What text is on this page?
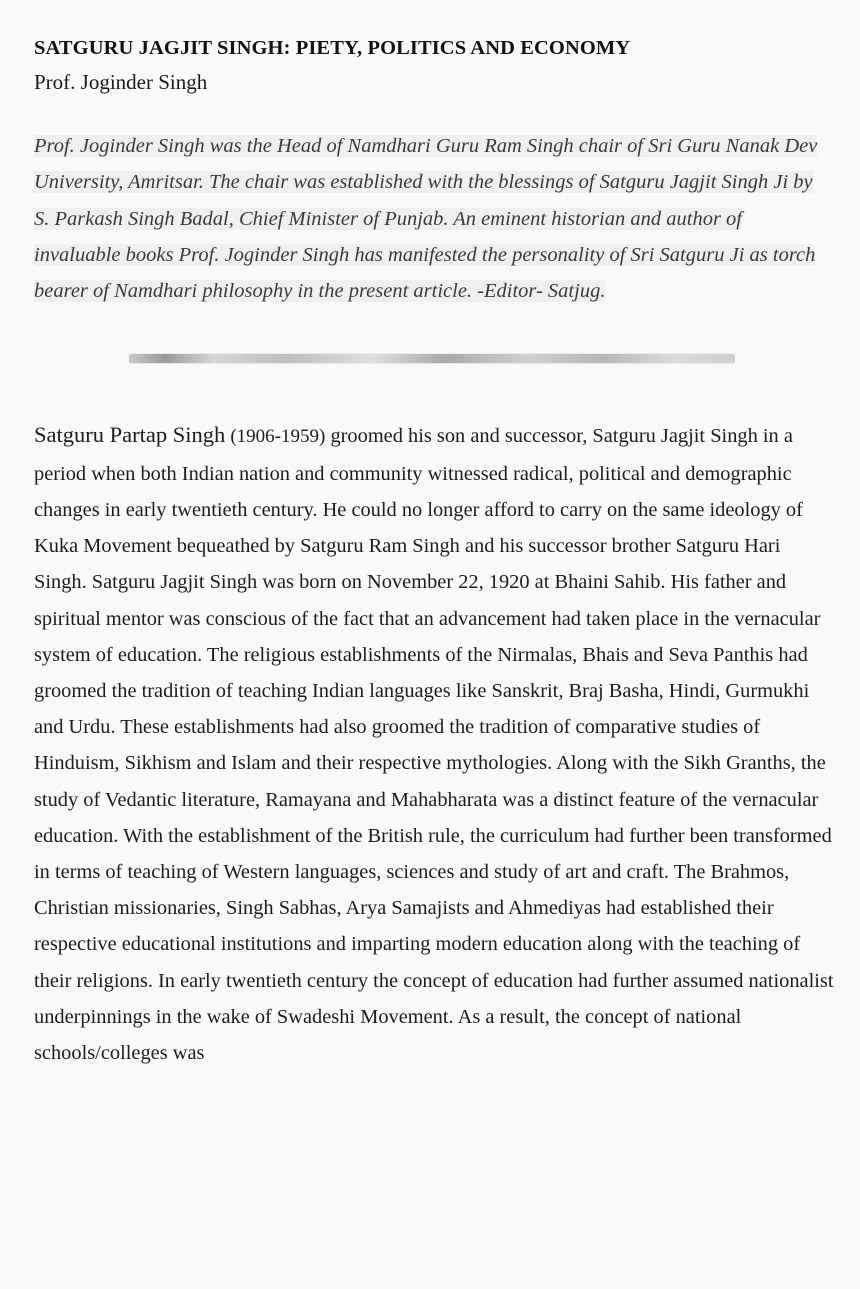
SATGURU JAGJIT SINGH: PIETY, POLITICS AND ECONOMY
Prof. Joginder Singh
Prof. Joginder Singh was the Head of Namdhari Guru Ram Singh chair of Sri Guru Nanak Dev University, Amritsar. The chair was established with the blessings of Satguru Jagjit Singh Ji by S. Parkash Singh Badal, Chief Minister of Punjab. An eminent historian and author of invaluable books Prof. Joginder Singh has manifested the personality of Sri Satguru Ji as torch bearer of Namdhari philosophy in the present article. -Editor- Satjug.
Satguru Partap Singh (1906-1959) groomed his son and successor, Satguru Jagjit Singh in a period when both Indian nation and community witnessed radical, political and demographic changes in early twentieth century. He could no longer afford to carry on the same ideology of Kuka Movement bequeathed by Satguru Ram Singh and his successor brother Satguru Hari Singh. Satguru Jagjit Singh was born on November 22, 1920 at Bhaini Sahib. His father and spiritual mentor was conscious of the fact that an advancement had taken place in the vernacular system of education. The religious establishments of the Nirmalas, Bhais and Seva Panthis had groomed the tradition of teaching Indian languages like Sanskrit, Braj Basha, Hindi, Gurmukhi and Urdu. These establishments had also groomed the tradition of comparative studies of Hinduism, Sikhism and Islam and their respective mythologies. Along with the Sikh Granths, the study of Vedantic literature, Ramayana and Mahabharata was a distinct feature of the vernacular education. With the establishment of the British rule, the curriculum had further been transformed in terms of teaching of Western languages, sciences and study of art and craft. The Brahmos, Christian missionaries, Singh Sabhas, Arya Samajists and Ahmediyas had established their respective educational institutions and imparting modern education along with the teaching of their religions. In early twentieth century the concept of education had further assumed nationalist underpinnings in the wake of Swadeshi Movement. As a result, the concept of national schools/colleges was
